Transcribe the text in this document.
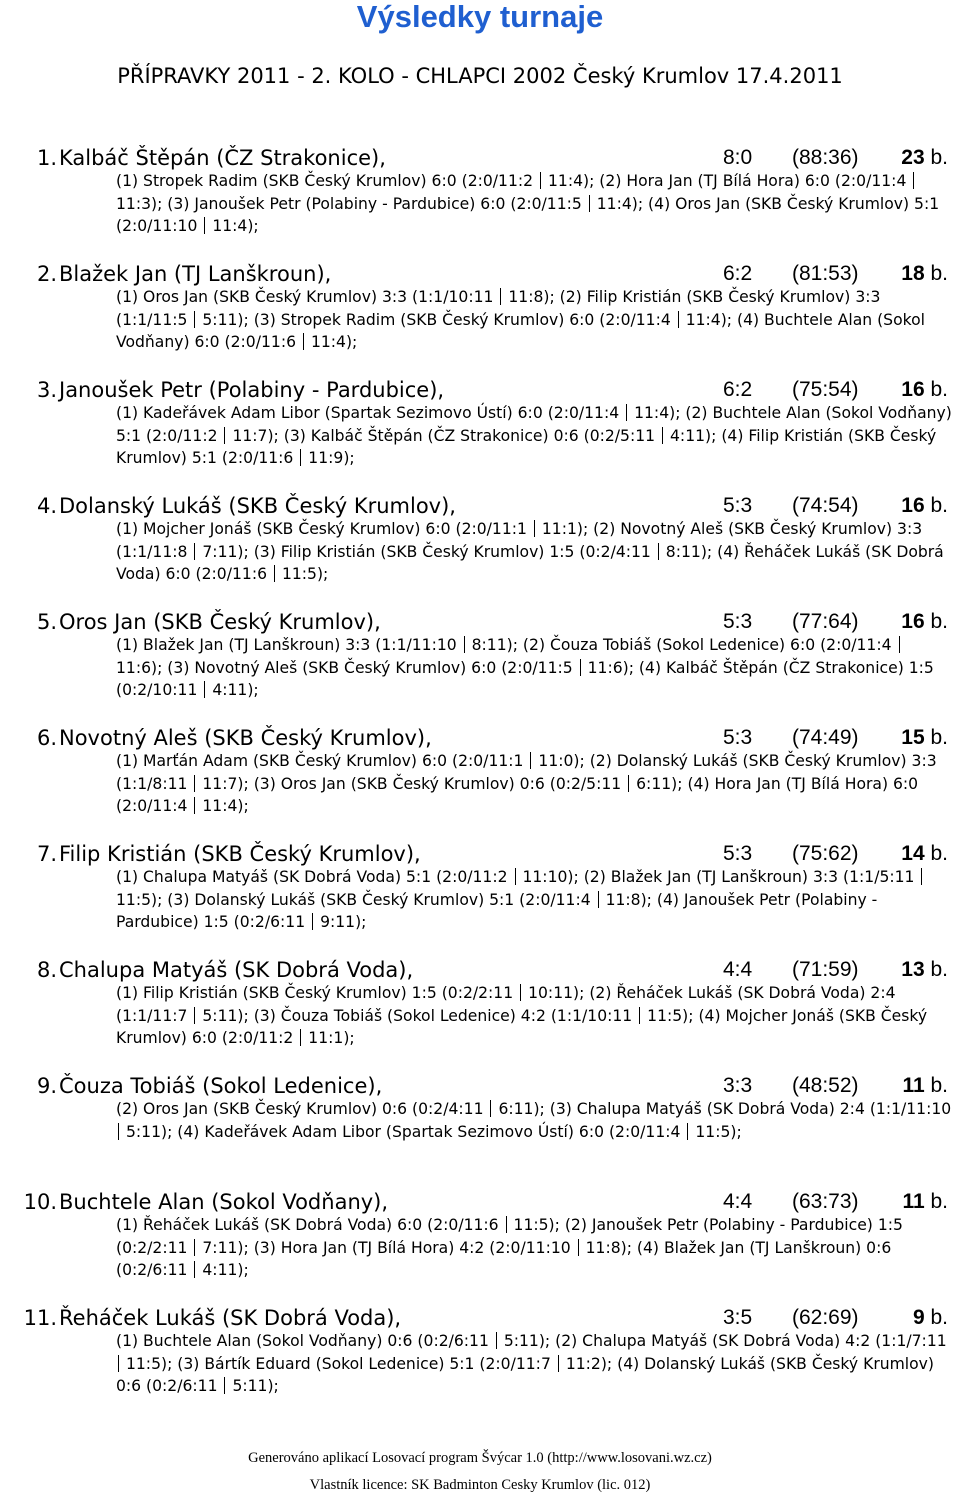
Výsledky turnaje
PŘÍPRAVKY 2011 - 2. KOLO - CHLAPCI 2002 Český Krumlov 17.4.2011
1. Kalbáč Štěpán (ČZ Strakonice),	8:0 (88:36) 23 b.
(1) Stropek Radim (SKB Český Krumlov) 6:0 (2:0/11:2 11:4); (2) Hora Jan (TJ Bílá Hora) 6:0 (2:0/11:4  11:3); (3) Janoušek Petr (Polabiny - Pardubice) 6:0 (2:0/11:5 11:4); (4) Oros Jan (SKB Český Krumlov) 5:1 (2:0/11:10 11:4);
2. Blažek Jan (TJ Lanškroun),	6:2 (81:53) 18 b.
(1) Oros Jan (SKB Český Krumlov) 3:3 (1:1/10:11 11:8); (2) Filip Kristián (SKB Český Krumlov) 3:3 (1:1/11:5 5:11); (3) Stropek Radim (SKB Český Krumlov) 6:0 (2:0/11:4 11:4); (4) Buchtele Alan (Sokol Vodňany) 6:0 (2:0/11:6 11:4);
3. Janoušek Petr (Polabiny - Pardubice),	6:2 (75:54) 16 b.
(1) Kadeřávek Adam Libor (Spartak Sezimovo Ústí) 6:0 (2:0/11:4 11:4); (2) Buchtele Alan (Sokol Vodňany) 5:1 (2:0/11:2 11:7); (3) Kalbáč Štěpán (ČZ Strakonice) 0:6 (0:2/5:11 4:11); (4) Filip Kristián (SKB Český Krumlov) 5:1 (2:0/11:6 11:9);
4. Dolanský Lukáš (SKB Český Krumlov),	5:3 (74:54) 16 b.
(1) Mojcher Jonáš (SKB Český Krumlov) 6:0 (2:0/11:1 11:1); (2) Novotný Aleš (SKB Český Krumlov) 3:3 (1:1/11:8 7:11); (3) Filip Kristián (SKB Český Krumlov) 1:5 (0:2/4:11 8:11); (4) Řeháček Lukáš (SK Dobrá Voda) 6:0 (2:0/11:6 11:5);
5. Oros Jan (SKB Český Krumlov),	5:3 (77:64) 16 b.
(1) Blažek Jan (TJ Lanškroun) 3:3 (1:1/11:10 8:11); (2) Čouza Tobiáš (Sokol Ledenice) 6:0 (2:0/11:4  11:6); (3) Novotný Aleš (SKB Český Krumlov) 6:0 (2:0/11:5 11:6); (4) Kalbáč Štěpán (ČZ Strakonice) 1:5 (0:2/10:11 4:11);
6. Novotný Aleš (SKB Český Krumlov),	5:3 (74:49) 15 b.
(1) Marťán Adam (SKB Český Krumlov) 6:0 (2:0/11:1 11:0); (2) Dolanský Lukáš (SKB Český Krumlov) 3:3 (1:1/8:11 11:7); (3) Oros Jan (SKB Český Krumlov) 0:6 (0:2/5:11 6:11); (4) Hora Jan (TJ Bílá Hora) 6:0 (2:0/11:4 11:4);
7. Filip Kristián (SKB Český Krumlov),	5:3 (75:62) 14 b.
(1) Chalupa Matyáš (SK Dobrá Voda) 5:1 (2:0/11:2 11:10); (2) Blažek Jan (TJ Lanškroun) 3:3 (1:1/5:11  11:5); (3) Dolanský Lukáš (SKB Český Krumlov) 5:1 (2:0/11:4 11:8); (4) Janoušek Petr (Polabiny - Pardubice) 1:5 (0:2/6:11 9:11);
8. Chalupa Matyáš (SK Dobrá Voda),	4:4 (71:59) 13 b.
(1) Filip Kristián (SKB Český Krumlov) 1:5 (0:2/2:11 10:11); (2) Řeháček Lukáš (SK Dobrá Voda) 2:4 (1:1/11:7 5:11); (3) Čouza Tobiáš (Sokol Ledenice) 4:2 (1:1/10:11 11:5); (4) Mojcher Jonáš (SKB Český Krumlov) 6:0 (2:0/11:2 11:1);
9. Čouza Tobiáš (Sokol Ledenice),	3:3 (48:52) 11 b.
(2) Oros Jan (SKB Český Krumlov) 0:6 (0:2/4:11 6:11); (3) Chalupa Matyáš (SK Dobrá Voda) 2:4 (1:1/11:10  5:11); (4) Kadeřávek Adam Libor (Spartak Sezimovo Ústí) 6:0 (2:0/11:4 11:5);
10. Buchtele Alan (Sokol Vodňany),	4:4 (63:73) 11 b.
(1) Řeháček Lukáš (SK Dobrá Voda) 6:0 (2:0/11:6 11:5); (2) Janoušek Petr (Polabiny - Pardubice) 1:5 (0:2/2:11 7:11); (3) Hora Jan (TJ Bílá Hora) 4:2 (2:0/11:10 11:8); (4) Blažek Jan (TJ Lanškroun) 0:6 (0:2/6:11 4:11);
11. Řeháček Lukáš (SK Dobrá Voda),	3:5 (62:69)	9 b.
(1) Buchtele Alan (Sokol Vodňany) 0:6 (0:2/6:11 5:11); (2) Chalupa Matyáš (SK Dobrá Voda) 4:2 (1:1/7:11  11:5); (3) Bártík Eduard (Sokol Ledenice) 5:1 (2:0/11:7 11:2); (4) Dolanský Lukáš (SKB Český Krumlov) 0:6 (0:2/6:11 5:11);
Generováno aplikací Losovací program Švýcar 1.0 (http://www.losovani.wz.cz)
Vlastník licence: SK Badminton Cesky Krumlov (lic. 012)
